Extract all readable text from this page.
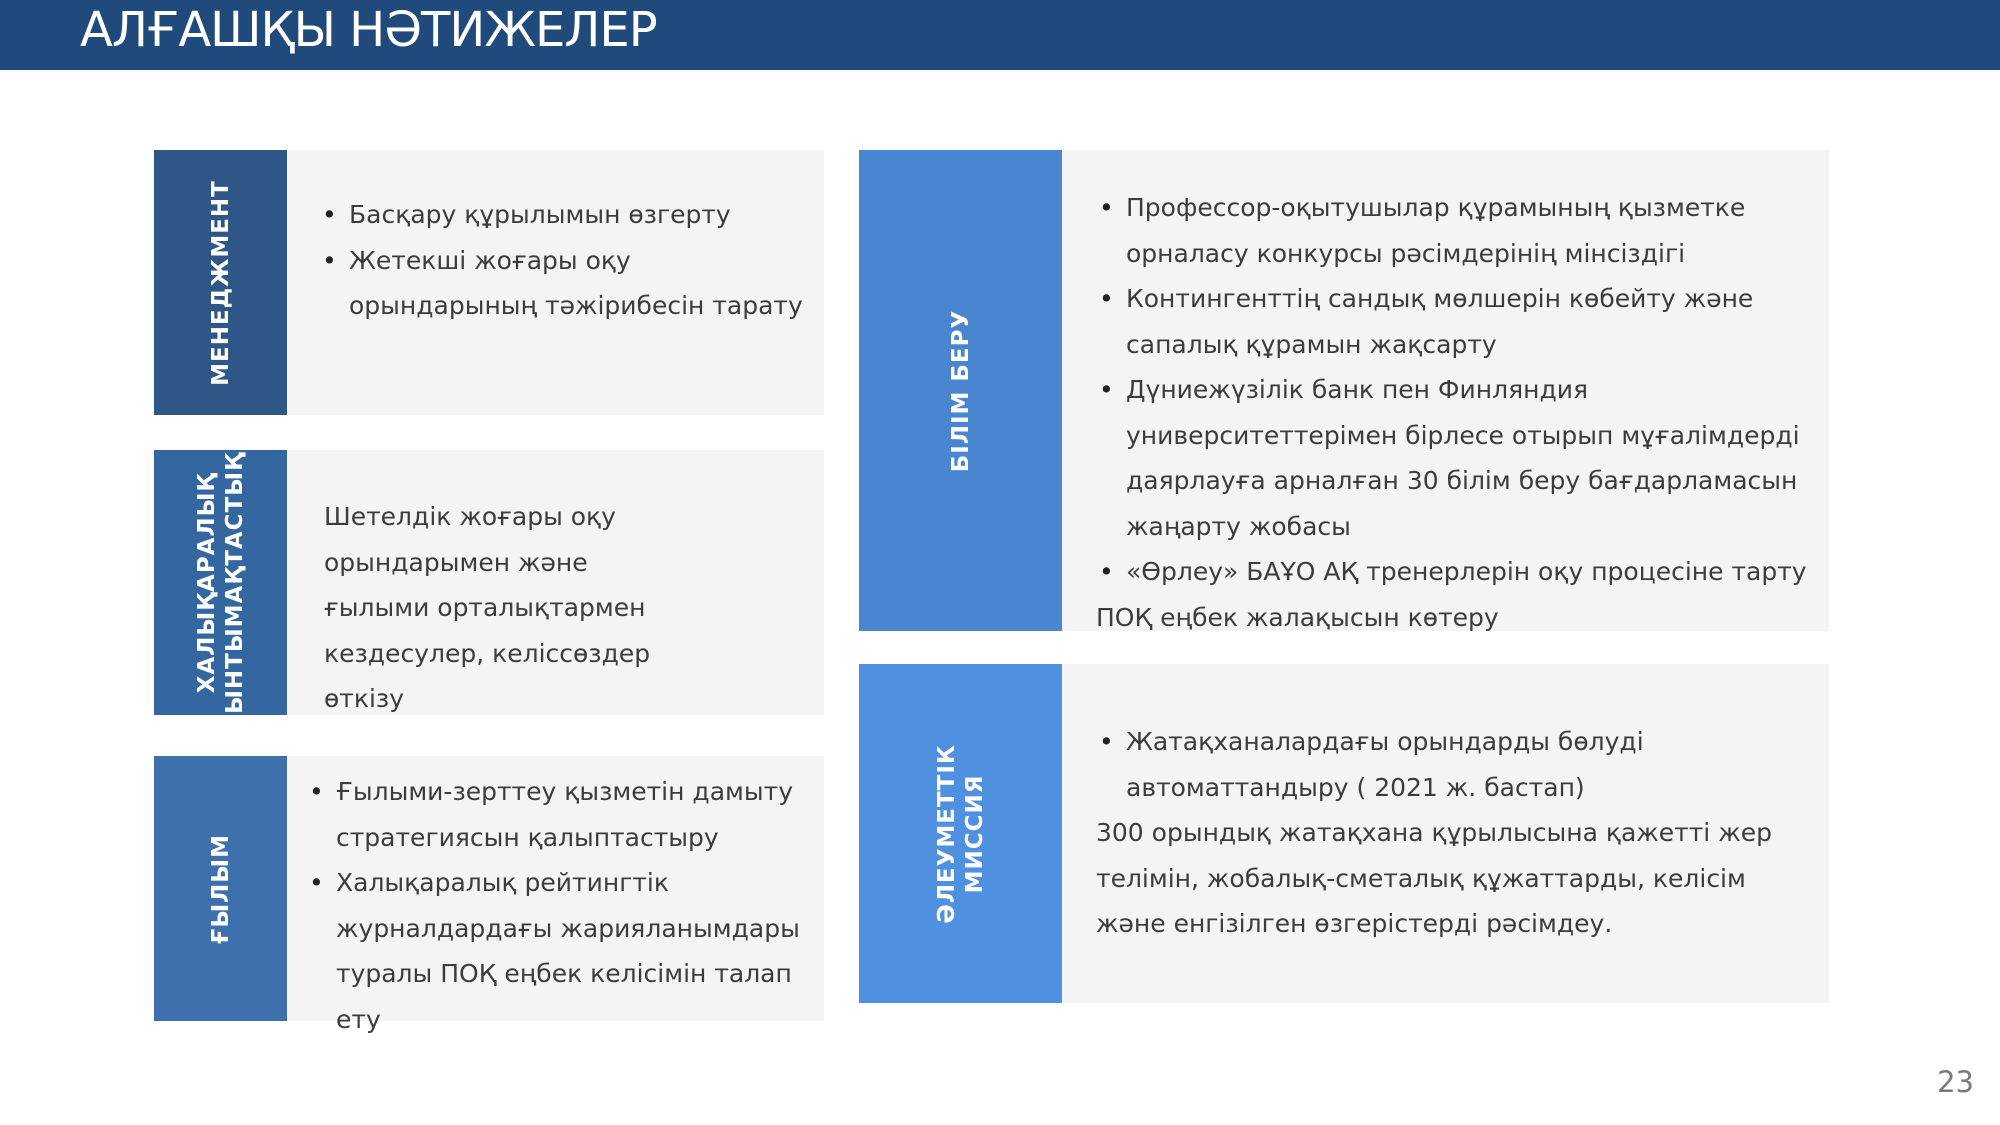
АЛҒАШҚЫ НӘТИЖЕЛЕР
МЕНЕДЖМЕНТ	• Басқару құрылымын өзгерту
• Жетекші жоғары оқу орындарының тәжірибесін тарату
ХАЛЫҚАРАЛЫҚ
ЫНТЫМАҚТАСТЫҚ	Шетелдік жоғары оқу орындарымен және ғылыми орталықтармен кездесулер, келіссөздер өткізу

ҒЫЛЫМ
• Ғылыми-зерттеу қызметін дамыту стратегиясын қалыптастыру
• Халықаралық рейтингтік журналдардағы жарияланымдары туралы ПОҚ еңбек келісімін талап ету
БІЛІМ БЕРУ
• Профессор-оқытушылар құрамының қызметке орналасу конкурсы рәсімдерінің мінсіздігі
• Контингенттің сандық мөлшерін көбейту және сапалық құрамын жақсарту
• Дүниежүзілік банк пен Финляндия университеттерімен бірлесе отырып мұғалімдерді даярлауға арналған 30 білім беру бағдарламасын жаңарту жобасы
• «Өрлеу» БАҰО АҚ тренерлерін оқу процесіне тарту

ПОҚ еңбек жалақысын көтеру

ӘЛЕУМЕТТІК
МИССИЯ
• Жатақханалардағы орындарды бөлуді автоматтандыру ( 2021 ж. бастап)

300 орындық жатақхана құрылысына қажетті жер телімін, жобалық-сметалық құжаттарды, келісім және енгізілген өзгерістерді рәсімдеу.

23
